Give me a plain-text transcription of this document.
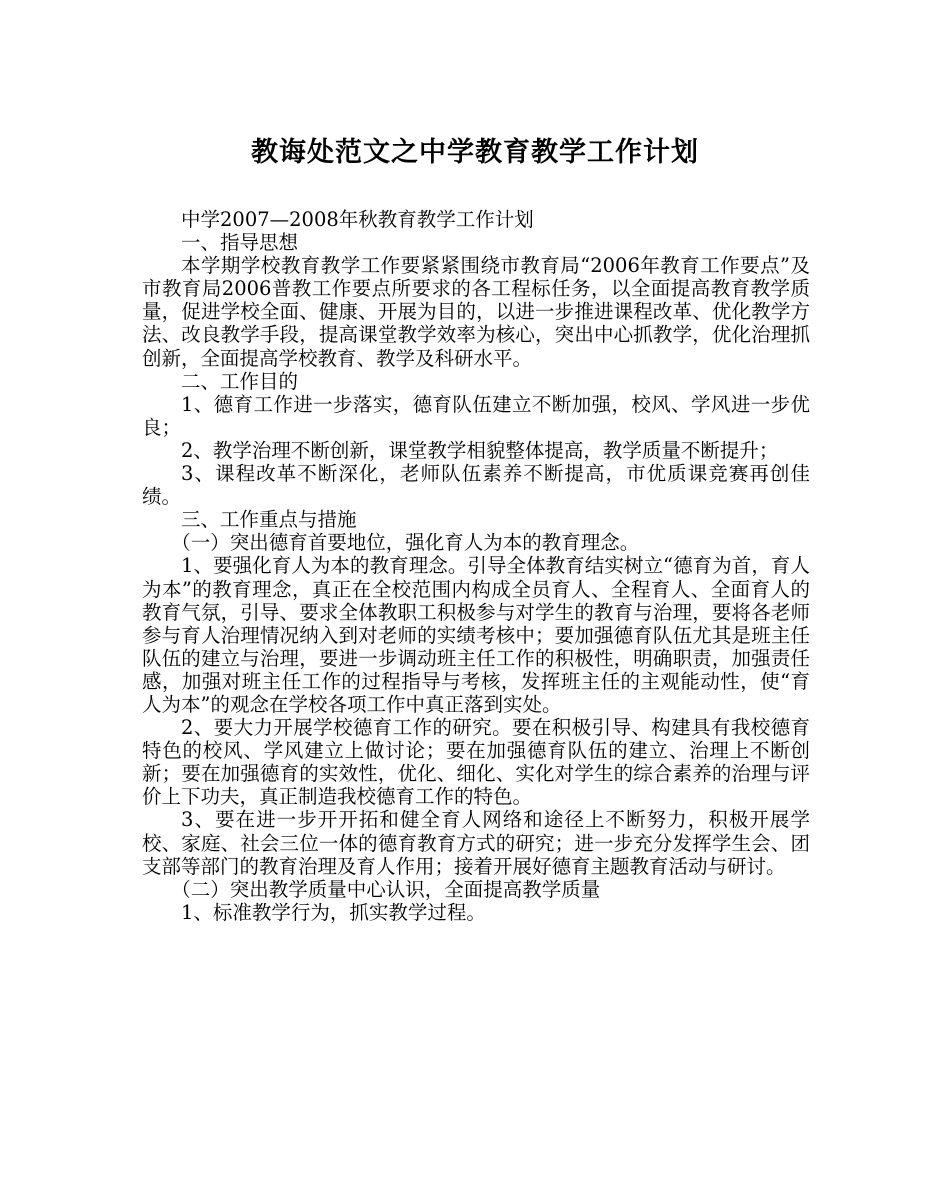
教诲处范文之中学教育教学工作计划

中学2007—2008年秋教育教学工作计划

一、指导思想

本学期学校教育教学工作要紧紧围绕市教育局“2006年教育工作要点”及市教育局2006普教工作要点所要求的各工程标任务，以全面提高教育教学质量，促进学校全面、健康、开展为目的，以进一步推进课程改革、优化教学方法、改良教学手段，提高课堂教学效率为核心，突出中心抓教学，优化治理抓创新，全面提高学校教育、教学及科研水平。

二、工作目的

1、德育工作进一步落实，德育队伍建立不断加强，校风、学风进一步优良；

2、教学治理不断创新，课堂教学相貌整体提高，教学质量不断提升；

3、课程改革不断深化，老师队伍素养不断提高，市优质课竞赛再创佳绩。

三、工作重点与措施

（一）突出德育首要地位，强化育人为本的教育理念。

1、要强化育人为本的教育理念。引导全体教育结实树立“德育为首，育人为本”的教育理念，真正在全校范围内构成全员育人、全程育人、全面育人的教育气氛，引导、要求全体教职工积极参与对学生的教育与治理，要将各老师参与育人治理情况纳入到对老师的实绩考核中；要加强德育队伍尤其是班主任队伍的建立与治理，要进一步调动班主任工作的积极性，明确职责，加强责任感，加强对班主任工作的过程指导与考核，发挥班主任的主观能动性，使“育人为本”的观念在学校各项工作中真正落到实处。

2、要大力开展学校德育工作的研究。要在积极引导、构建具有我校德育特色的校风、学风建立上做讨论；要在加强德育队伍的建立、治理上不断创新；要在加强德育的实效性，优化、细化、实化对学生的综合素养的治理与评价上下功夫，真正制造我校德育工作的特色。

3、要在进一步开开拓和健全育人网络和途径上不断努力，积极开展学校、家庭、社会三位一体的德育教育方式的研究；进一步充分发挥学生会、团支部等部门的教育治理及育人作用；接着开展好德育主题教育活动与研讨。

（二）突出教学质量中心认识，全面提高教学质量

1、标准教学行为，抓实教学过程。
